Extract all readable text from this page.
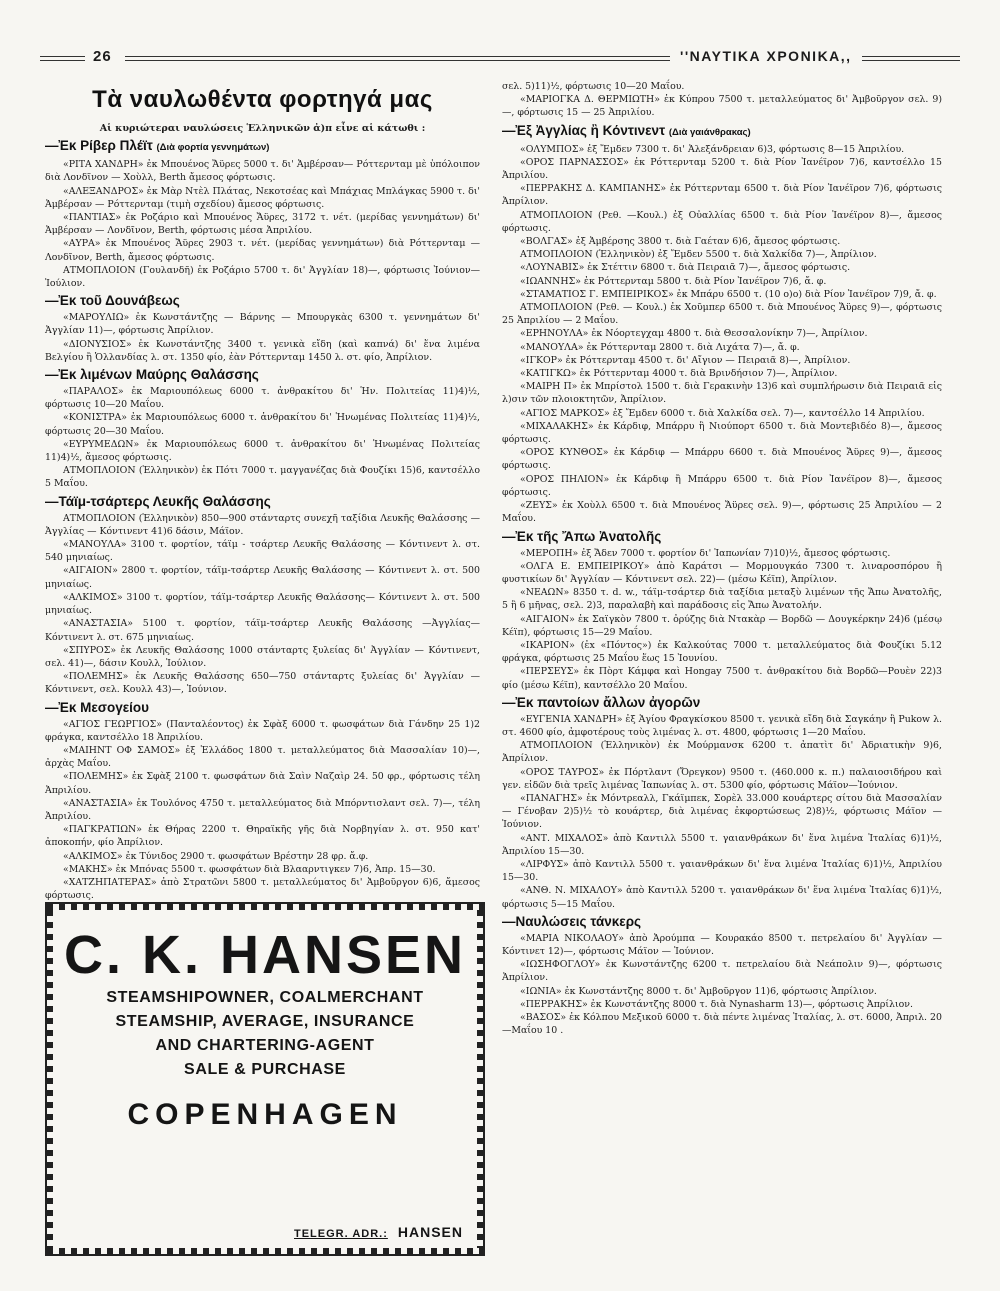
26	''ΝΑΥΤΙΚΑ ΧΡΟΝΙΚΑ,,
Τὰ ναυλωθέντα φορτηγά μας
Αἱ κυριώτεραι ναυλώσεις Ἑλληνικῶν ἀ)π εἶνε αἱ κάτωθι :
—Ἐκ Ρίβερ Πλέϊτ (Διὰ φορτία γεννημάτων)

«ΡΙΤΑ ΧΑΝΔΡΗ» ἐκ Μπουένος Ἄϋρες 5000 τ. δι' Ἀμβέρσαν— Ρόττερνταμ μὲ ὑπόλοιπον διὰ Λονδῖνον — Χοὺλλ, Berth ἄμεσος φόρτωσις.

«ΑΛΕΞΑΝΔΡΟΣ» ἐκ Μὰρ Ντὲλ Πλάτας, Νεκοτσέας καὶ Μπάχιας Μπλάγκας 5900 τ. δι' Ἀμβέρσαν — Ρόττερνταμ (τιμὴ σχεδίου) ἄμεσος φόρτωσις.

«ΠΑΝΤΙΑΣ» ἐκ Ροζάριο καὶ Μπουένος Ἄϋρες, 3172 τ. νέτ. (μερίδας γεννημάτων) δι' Ἀμβέρσαν — Λονδῖνον, Berth, φόρτωσις μέσα Ἀπριλίου.

«ΑΥΡΑ» ἐκ Μπουένος Ἄϋρες 2903 τ. νέτ. (μερίδας γεννημάτων) διὰ Ρόττερνταμ — Λονδῖνον, Berth, ἄμεσος φόρτωσις.

ΑΤΜΟΠΛΟΙΟΝ (Γουλανδῆ) ἐκ Ροζάριο 5700 τ. δι' Ἀγγλίαν 18)—, φόρτωσις Ἰούνιον—Ἰούλιον.

—Ἐκ τοῦ Δουνάβεως

«ΜΑΡΟΥΛΙΩ» ἐκ Κωνστάντζης — Βάρνης — Μπουργκὰς 6300 τ. γεννημάτων δι' Ἀγγλίαν 11)—, φόρτωσις Ἀπρίλιον.

«ΔΙΟΝΥΣΙΟΣ» ἐκ Κωνστάντζης 3400 τ. γενικὰ εἴδη (καὶ καπνά) δι' ἕνα λιμένα Βελγίου ἢ Ὁλλανδίας λ. στ. 1350 φίο, ἐὰν Ρόττερνταμ 1450 λ. στ. φίο, Ἀπρίλιον.

—Ἐκ λιμένων Μαύρης Θαλάσσης

«ΠΑΡΑΛΟΣ» ἐκ Μαριουπόλεως 6000 τ. ἀνθρακίτου δι' Ἡν. Πολιτείας 11)4)½, φόρτωσις 10—20 Μαΐου.

«ΚΟΝΙΣΤΡΑ» ἐκ Μαριουπόλεως 6000 τ. ἀνθρακίτου δι' Ἡνωμένας Πολιτείας 11)4)½, φόρτωσις 20—30 Μαΐου.

«ΕΥΡΥΜΕΔΩΝ» ἐκ Μαριουπόλεως 6000 τ. ἀνθρακίτου δι' Ἡνωμένας Πολιτείας 11)4)½, ἄμεσος φόρτωσις.

ΑΤΜΟΠΛΟΙΟΝ (Ἑλληνικὸν) ἐκ Πότι 7000 τ. μαγγανέζας διὰ Φουζίκι 15)6, καντσέλλο 5 Μαΐου.

—Τάϊμ-τσάρτερς Λευκῆς Θαλάσσης

ΑΤΜΟΠΛΟΙΟΝ (Ἑλληνικὸν) 850—900 στάνταρτς συνεχῆ ταξίδια Λευκῆς Θαλάσσης — Ἀγγλίας — Κόντινεντ 41)6 δάσιν, Μάϊον.

«ΜΑΝΟΥΛΑ» 3100 τ. φορτίον, τάϊμ - τσάρτερ Λευκῆς Θαλάσσης — Κόντινεντ λ. στ. 540 μηνιαίως.

«ΑΙΓΑΙΟΝ» 2800 τ. φορτίον, τάϊμ-τσάρτερ Λευκῆς Θαλάσσης — Κόντινεντ λ. στ. 500 μηνιαίως.

«ΑΛΚΙΜΟΣ» 3100 τ. φορτίον, τάϊμ-τσάρτερ Λευκῆς Θαλάσσης— Κόντινεντ λ. στ. 500 μηνιαίως.

«ΑΝΑΣΤΑΣΙΑ» 5100 τ. φορτίον, τάϊμ-τσάρτερ Λευκῆς Θαλάσσης —Ἀγγλίας—Κόντινεντ λ. στ. 675 μηνιαίως.

«ΣΠΥΡΟΣ» ἐκ Λευκῆς Θαλάσσης 1000 στάνταρτς ξυλείας δι' Ἀγγλίαν — Κόντινεντ, σελ. 41)—, δάσιν Κουλλ, Ἰούλιον.

«ΠΟΛΕΜΗΣ» ἐκ Λευκῆς Θαλάσσης 650—750 στάνταρτς ξυλείας δι' Ἀγγλίαν — Κόντινεντ, σελ. Κουλλ 43)—, Ἰούνιον.

—Ἐκ Μεσογείου

«ΑΓΙΟΣ ΓΕΩΡΓΙΟΣ» (Πανταλέοντος) ἐκ Σφὰξ 6000 τ. φωσφάτων διὰ Γάνδην 25 1)2 φράγκα, καντσέλλο 18 Ἀπριλίου.

«ΜΑΙΗΝΤ ΟΦ ΣΑΜΟΣ» ἐξ Ἑλλάδος 1800 τ. μεταλλεύματος διὰ Μασσαλίαν 10)—, ἀρχὰς Μαΐου.

«ΠΟΛΕΜΗΣ» ἐκ Σφὰξ 2100 τ. φωσφάτων διὰ Σαὶν Ναζαὶρ 24. 50 φρ., φόρτωσις τέλη Ἀπριλίου.

«ΑΝΑΣΤΑΣΙΑ» ἐκ Τουλόνος 4750 τ. μεταλλεύματος διὰ Μπόρντισλαντ σελ. 7)—, τέλη Ἀπριλίου.

«ΠΑΓΚΡΑΤΙΩΝ» ἐκ Θήρας 2200 τ. Θηραϊκῆς γῆς διὰ Νορβηγίαν λ. στ. 950 κατ' ἀποκοπήν, φίο Ἀπρίλιον.

«ΑΛΚΙΜΟΣ» ἐκ Τύνιδος 2900 τ. φωσφάτων Βρέστην 28 φρ. ἄ.φ.

«ΜΑΚΗΣ» ἐκ Μπόνας 5500 τ. φωσφάτων διὰ Βλααρντιγκεν 7)6, Ἀπρ. 15—30.

«ΧΑΤΖΗΠΑΤΕΡΑΣ» ἀπὸ Στρατῶνι 5800 τ. μεταλλεύματος δι' Ἀμβοῦργον 6)6, ἄμεσος φόρτωσις.

C. K. HANSEN
STEAMSHIPOWNER, COALMERCHANT
STEAMSHIP, AVERAGE, INSURANCE
AND CHARTERING-AGENT
SALE & PURCHASE
COPENHAGEN
TELEGR. ADR.: HANSEN

σελ. 5)11)½, φόρτωσις 10—20 Μαΐου.

«ΜΑΡΙΟΓΚΑ Δ. ΘΕΡΜΙΩΤΗ» ἐκ Κύπρου 7500 τ. μεταλλεύματος δι' Ἀμβοῦργον σελ. 9)—, φόρτωσις 15 — 25 Ἀπριλίου.

—Ἐξ Ἀγγλίας ἢ Κόντινεντ (Διὰ γαιάνθρακας)

«ΟΛΥΜΠΟΣ» ἐξ Ἔμδεν 7300 τ. δι' Ἀλεξάνδρειαν 6)3, φόρτωσις 8—15 Ἀπριλίου.

«ΟΡΟΣ ΠΑΡΝΑΣΣΟΣ» ἐκ Ρόττερνταμ 5200 τ. διὰ Ρίον Ἰανέϊρον 7)6, καντσέλλο 15 Ἀπριλίου.

«ΠΕΡΡΑΚΗΣ Δ. ΚΑΜΠΑΝΗΣ» ἐκ Ρόττερνταμ 6500 τ. διὰ Ρίον Ἰανέϊρον 7)6, φόρτωσις Ἀπρίλιον.

ΑΤΜΟΠΛΟΙΟΝ (Ρεθ. —Κουλ.) ἐξ Οὐαλλίας 6500 τ. διὰ Ρίον Ἰανέϊρον 8)—, ἄμεσος φόρτωσις.

«ΒΟΛΓΑΣ» ἐξ Ἀμβέρσης 3800 τ. διὰ Γαέταν 6)6, ἄμεσος φόρτωσις.

ΑΤΜΟΠΛΟΙΟΝ (Ἑλληνικὸν) ἐξ Ἔμδεν 5500 τ. διὰ Χαλκίδα 7)—, Ἀπρίλιον.

«ΛΟΥΝΑΒΙΣ» ἐκ Στέττιν 6800 τ. διὰ Πειραιᾶ 7)—, ἄμεσος φόρτωσις.

«ΙΩΑΝΝΗΣ» ἐκ Ρόττερνταμ 5800 τ. διὰ Ρίον Ἰανέϊρον 7)6, ἄ. φ.

«ΣΤΑΜΑΤΙΟΣ Γ. ΕΜΠΕΙΡΙΚΟΣ» ἐκ Μπάρυ 6500 τ. (10 ο)ο) διὰ Ρίον Ἰανέϊρον 7)9, ἄ. φ.

ΑΤΜΟΠΛΟΙΟΝ (Ρεθ. — Κουλ.) ἐκ Χοῦμπερ 6500 τ. διὰ Μπουένος Ἄϋρες 9)—, φόρτωσις 25 Ἀπριλίου — 2 Μαΐου.

«ΕΡΗΝΟΥΛΑ» ἐκ Νόορτεγχαμ 4800 τ. διὰ Θεσσαλονίκην 7)—, Ἀπρίλιον.

«ΜΑΝΟΥΛΑ» ἐκ Ρόττερνταμ 2800 τ. διὰ Λιχάτα 7)—, ἄ. φ.

«ΙΓΚΟΡ» ἐκ Ρόττερνταμ 4500 τ. δι' Αἴγιον — Πειραιᾶ 8)—, Ἀπρίλιον.

«ΚΑΤΙΓΚΩ» ἐκ Ρόττερνταμ 4000 τ. διὰ Βρινδήσιον 7)—, Ἀπρίλιον.

«ΜΑΙΡΗ Π» ἐκ Μπρίστολ 1500 τ. διὰ Γερακινὴν 13)6 καὶ συμπλήρωσιν διὰ Πειραιᾶ εἰς λ)σιν τῶν πλοιοκτητῶν, Ἀπρίλιον.

«ΑΓΙΟΣ ΜΑΡΚΟΣ» ἐξ Ἔμδεν 6000 τ. διὰ Χαλκίδα σελ. 7)—, καντσέλλο 14 Ἀπριλίου.

«ΜΙΧΑΛΑΚΗΣ» ἐκ Κάρδιφ, Μπάρρυ ἢ Νιούπορτ 6500 τ. διὰ Μοντεβιδέο 8)—, ἄμεσος φόρτωσις.

«ΟΡΟΣ ΚΥΝΘΟΣ» ἐκ Κάρδιφ — Μπάρρυ 6600 τ. διὰ Μπουένος Ἄϋρες 9)—, ἄμεσος φόρτωσις.

«ΟΡΟΣ ΠΗΛΙΟΝ» ἐκ Κάρδιφ ἢ Μπάρρυ 6500 τ. διὰ Ρίον Ἰανέϊρον 8)—, ἄμεσος φόρτωσις.

«ΖΕΥΣ» ἐκ Χοὺλλ 6500 τ. διὰ Μπουένος Ἄϋρες σελ. 9)—, φόρτωσις 25 Ἀπριλίου — 2 Μαΐου.

—Ἐκ τῆς Ἄπω Ἀνατολῆς

«ΜΕΡΟΠΗ» ἐξ Ἄδεν 7000 τ. φορτίον δι' Ἰαπωνίαν 7)10)½, ἄμεσος φόρτωσις.

«ΟΛΓΑ Ε. ΕΜΠΕΙΡΙΚΟΥ» ἀπὸ Καράτσι — Μορμουγκάο 7300 τ. λιναροσπόρου ἢ φυστικίων δι' Ἀγγλίαν — Κόντινεντ σελ. 22)— (μέσω Κέϊπ), Ἀπρίλιον.

«ΝΕΑΩΝ» 8350 τ. d. w., τάϊμ-τσάρτερ διὰ ταξίδια μεταξὺ λιμένων τῆς Ἄπω Ἀνατολῆς, 5 ἢ 6 μῆνας, σελ. 2)3, παραλαβὴ καὶ παράδοσις εἰς Ἄπω Ἀνατολήν.

«ΑΙΓΑΙΟΝ» ἐκ Σαϊγκὸν 7800 τ. ὀρύζης διὰ Ντακὰρ — Βορδῶ — Δουγκέρκην 24)6 (μέσῳ Κέϊπ), φόρτωσις 15—29 Μαΐου.

«ΙΚΑΡΙΟΝ» (ἐx «Πόντος») ἐκ Καλκούτας 7000 τ. μεταλλεύματος διὰ Φουζίκι 5.12 φράγκα, φόρτωσις 25 Μαΐου ἕως 15 Ἰουνίου.

«ΠΕΡΣΕΥΣ» ἐκ Πὸρτ Κάμφα καὶ Hongay 7500 τ. ἀνθρακίτου διὰ Βορδῶ—Ρουὲν 22)3 φίο (μέσω Κέϊπ), καντσέλλο 20 Μαΐου.

—Ἐκ παντοίων ἄλλων ἀγορῶν

«ΕΥΓΕΝΙΑ ΧΑΝΔΡΗ» ἐξ Ἁγίου Φραγκίσκου 8500 τ. γενικὰ εἴδη διὰ Σαγκάην ἢ Pukow λ. στ. 4600 φίο, ἀμφοτέρους τοὺς λιμένας λ. στ. 4800, φόρτωσις 1—20 Μαΐου.

ΑΤΜΟΠΛΟΙΟΝ (Ἑλληνικὸν) ἐκ Μούρμανσκ 6200 τ. ἀπατὶτ δι' Ἀδριατικὴν 9)6, Ἀπρίλιον.

«ΟΡΟΣ ΤΑΥΡΟΣ» ἐκ Πόρτλαντ (Ὄρεγκον) 9500 τ. (460.000 κ. π.) παλαιοσιδήρου καὶ γεν. εἰδῶν διὰ τρεῖς λιμένας Ἰαπωνίας λ. στ. 5300 φίο, φόρτωσις Μάϊον—Ἰούνιον.

«ΠΑΝΑΓΗΣ» ἐκ Μόντρεαλλ, Γκάϊμπεκ, Σορὲλ 33.000 κουάρτερς σίτου διὰ Μασσαλίαν — Γένοβαν 2)5)½ τὸ κουάρτερ, διὰ λιμένας ἐκφορτώσεως 2)8)½, φόρτωσις Μάϊον — Ἰούνιον.

«ΑΝΤ. ΜΙΧΑΛΟΣ» ἀπὸ Καντιλλ 5500 τ. γαιανθράκων δι' ἕνα λιμένα Ἰταλίας 6)1)½, Ἀπριλίου 15—30.

«ΛΙΡΦΥΣ» ἀπὸ Καντιλλ 5500 τ. γαιανθράκων δι' ἕνα λιμένα Ἰταλίας 6)1)½, Ἀπριλίου 15—30.

«ΑΝΘ. Ν. ΜΙΧΑΛΟΥ» ἀπὸ Καντιλλ 5200 τ. γαιανθράκων δι' ἕνα λιμένα Ἰταλίας 6)1)½, φόρτωσις 5—15 Μαΐου.

—Ναυλώσεις τάνκερς

«ΜΑΡΙΑ ΝΙΚΟΛΑΟΥ» ἀπὸ Ἀρούμπα — Κουρακάο 8500 τ. πετρελαίου δι' Ἀγγλίαν — Κόντινετ 12)—, φόρτωσις Μάϊον — Ἰούνιον.

«ΙΩΣΗΦΟΓΛΟΥ» ἐκ Κωνστάντζης 6200 τ. πετρελαίου διὰ Νεάπολιν 9)—, φόρτωσις Ἀπρίλιον.

«ΙΩΝΙΑ» ἐκ Κωνστάντζης 8000 τ. δι' Ἀμβοῦργον 11)6, φόρτωσις Ἀπρίλιον.

«ΠΕΡΡΑΚΗΣ» ἐκ Κωνστάντζης 8000 τ. διὰ Nynasharm 13)—, φόρτωσις Ἀπρίλιον.

«ΒΑΣΟΣ» ἐκ Κόλπου Μεξικοῦ 6000 τ. διὰ πέντε λιμένας Ἰταλίας, λ. στ. 6000, Ἀπριλ. 20—Μαΐου 10 .
